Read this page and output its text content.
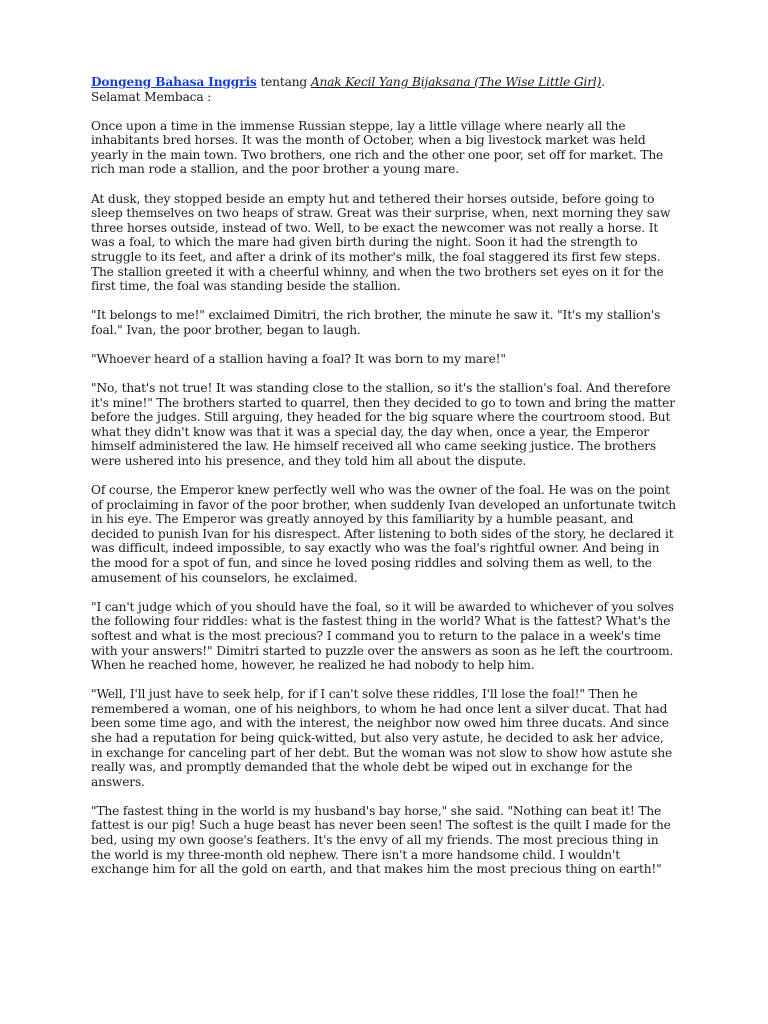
Dongeng Bahasa Inggris tentang Anak Kecil Yang Bijaksana (The Wise Little Girl).
Selamat Membaca :

Once upon a time in the immense Russian steppe, lay a little village where nearly all the inhabitants bred horses. It was the month of October, when a big livestock market was held yearly in the main town. Two brothers, one rich and the other one poor, set off for market. The rich man rode a stallion, and the poor brother a young mare.

At dusk, they stopped beside an empty hut and tethered their horses outside, before going to sleep themselves on two heaps of straw. Great was their surprise, when, next morning they saw three horses outside, instead of two. Well, to be exact the newcomer was not really a horse. It was a foal, to which the mare had given birth during the night. Soon it had the strength to struggle to its feet, and after a drink of its mother's milk, the foal staggered its first few steps. The stallion greeted it with a cheerful whinny, and when the two brothers set eyes on it for the first time, the foal was standing beside the stallion.

"It belongs to me!" exclaimed Dimitri, the rich brother, the minute he saw it. "It's my stallion's foal." Ivan, the poor brother, began to laugh.

"Whoever heard of a stallion having a foal? It was born to my mare!"

"No, that's not true! It was standing close to the stallion, so it's the stallion's foal. And therefore it's mine!" The brothers started to quarrel, then they decided to go to town and bring the matter before the judges. Still arguing, they headed for the big square where the courtroom stood. But what they didn't know was that it was a special day, the day when, once a year, the Emperor himself administered the law. He himself received all who came seeking justice. The brothers were ushered into his presence, and they told him all about the dispute.

Of course, the Emperor knew perfectly well who was the owner of the foal. He was on the point of proclaiming in favor of the poor brother, when suddenly Ivan developed an unfortunate twitch in his eye. The Emperor was greatly annoyed by this familiarity by a humble peasant, and decided to punish Ivan for his disrespect. After listening to both sides of the story, he declared it was difficult, indeed impossible, to say exactly who was the foal's rightful owner. And being in the mood for a spot of fun, and since he loved posing riddles and solving them as well, to the amusement of his counselors, he exclaimed.

"I can't judge which of you should have the foal, so it will be awarded to whichever of you solves the following four riddles: what is the fastest thing in the world? What is the fattest? What's the softest and what is the most precious? I command you to return to the palace in a week's time with your answers!" Dimitri started to puzzle over the answers as soon as he left the courtroom. When he reached home, however, he realized he had nobody to help him.

"Well, I'll just have to seek help, for if I can't solve these riddles, I'll lose the foal!" Then he remembered a woman, one of his neighbors, to whom he had once lent a silver ducat. That had been some time ago, and with the interest, the neighbor now owed him three ducats. And since she had a reputation for being quick-witted, but also very astute, he decided to ask her advice, in exchange for canceling part of her debt. But the woman was not slow to show how astute she really was, and promptly demanded that the whole debt be wiped out in exchange for the answers.

"The fastest thing in the world is my husband's bay horse," she said. "Nothing can beat it! The fattest is our pig! Such a huge beast has never been seen! The softest is the quilt I made for the bed, using my own goose's feathers. It's the envy of all my friends. The most precious thing in the world is my three-month old nephew. There isn't a more handsome child. I wouldn't exchange him for all the gold on earth, and that makes him the most precious thing on earth!"
